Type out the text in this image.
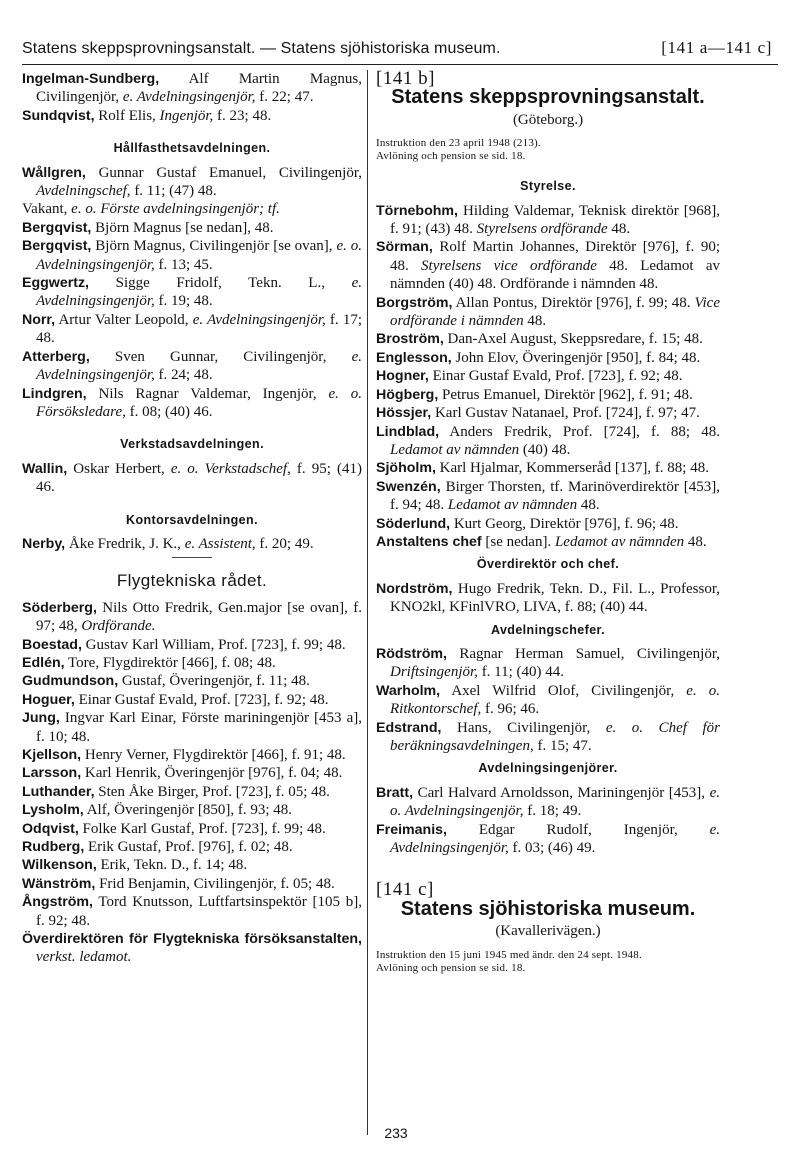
Statens skeppsprovningsanstalt. — Statens sjöhistoriska museum.	[141 a—141 c]

Ingelman-Sundberg, Alf Martin Magnus, Civilingenjör, e. Avdelningsingenjör, f. 22; 47.

Sundqvist, Rolf Elis, Ingenjör, f. 23; 48.

Hållfasthetsavdelningen.

Wållgren, Gunnar Gustaf Emanuel, Civilingenjör, Avdelningschef, f. 11; (47) 48.

Vakant, e. o. Förste avdelningsingenjör; tf.

Bergqvist, Björn Magnus [se nedan], 48.

Bergqvist, Björn Magnus, Civilingenjör [se ovan], e. o. Avdelningsingenjör, f. 13; 45.

Eggwertz, Sigge Fridolf, Tekn. L., e. Avdelningsingenjör, f. 19; 48.

Norr, Artur Valter Leopold, e. Avdelningsingenjör, f. 17; 48.

Atterberg, Sven Gunnar, Civilingenjör, e. Avdelningsingenjör, f. 24; 48.

Lindgren, Nils Ragnar Valdemar, Ingenjör, e. o. Försöksledare, f. 08; (40) 46.

Verkstadsavdelningen.

Wallin, Oskar Herbert, e. o. Verkstadschef, f. 95; (41) 46.

Kontorsavdelningen.

Nerby, Åke Fredrik, J. K., e. Assistent, f. 20; 49.

Flygtekniska rådet.

Söderberg, Nils Otto Fredrik, Gen.major [se ovan], f. 97; 48, Ordförande.

Boestad, Gustav Karl William, Prof. [723], f. 99; 48.

Edlén, Tore, Flygdirektör [466], f. 08; 48.

Gudmundson, Gustaf, Överingenjör, f. 11; 48.

Hoguer, Einar Gustaf Evald, Prof. [723], f. 92; 48.

Jung, Ingvar Karl Einar, Förste mariningenjör [453 a], f. 10; 48.

Kjellson, Henry Verner, Flygdirektör [466], f. 91; 48.

Larsson, Karl Henrik, Överingenjör [976], f. 04; 48.

Luthander, Sten Åke Birger, Prof. [723], f. 05; 48.

Lysholm, Alf, Överingenjör [850], f. 93; 48.

Odqvist, Folke Karl Gustaf, Prof. [723], f. 99; 48.

Rudberg, Erik Gustaf, Prof. [976], f. 02; 48.

Wilkenson, Erik, Tekn. D., f. 14; 48.

Wänström, Frid Benjamin, Civilingenjör, f. 05; 48.

Ångström, Tord Knutsson, Luftfartsinspektör [105 b], f. 92; 48.

Överdirektören för Flygtekniska försöksanstalten, verkst. ledamot.

[141 b]
Statens skeppsprovningsanstalt.
(Göteborg.)

Instruktion den 23 april 1948 (213).

Avlöning och pension se sid. 18.

Styrelse.

Törnebohm, Hilding Valdemar, Teknisk direktör [968], f. 91; (43) 48. Styrelsens ordförande 48.

Sörman, Rolf Martin Johannes, Direktör [976], f. 90; 48. Styrelsens vice ordförande 48. Ledamot av nämnden (40) 48. Ordförande i nämnden 48.

Borgström, Allan Pontus, Direktör [976], f. 99; 48. Vice ordförande i nämnden 48.

Broström, Dan-Axel August, Skeppsredare, f. 15; 48.

Englesson, John Elov, Överingenjör [950], f. 84; 48.

Hogner, Einar Gustaf Evald, Prof. [723], f. 92; 48.

Högberg, Petrus Emanuel, Direktör [962], f. 91; 48.

Hössjer, Karl Gustav Natanael, Prof. [724], f. 97; 47.

Lindblad, Anders Fredrik, Prof. [724], f. 88; 48. Ledamot av nämnden (40) 48.

Sjöholm, Karl Hjalmar, Kommerseråd [137], f. 88; 48.

Swenzén, Birger Thorsten, tf. Marinöverdirektör [453], f. 94; 48. Ledamot av nämnden 48.

Söderlund, Kurt Georg, Direktör [976], f. 96; 48.

Anstaltens chef [se nedan]. Ledamot av nämnden 48.

Överdirektör och chef.

Nordström, Hugo Fredrik, Tekn. D., Fil. L., Professor, KNO2kl, KFinlVRO, LIVA, f. 88; (40) 44.

Avdelningschefer.

Rödström, Ragnar Herman Samuel, Civilingenjör, Driftsingenjör, f. 11; (40) 44.

Warholm, Axel Wilfrid Olof, Civilingenjör, e. o. Ritkontorschef, f. 96; 46.

Edstrand, Hans, Civilingenjör, e. o. Chef för beräkningsavdelningen, f. 15; 47.

Avdelningsingenjörer.

Bratt, Carl Halvard Arnoldsson, Mariningenjör [453], e. o. Avdelningsingenjör, f. 18; 49.

Freimanis, Edgar Rudolf, Ingenjör, e. Avdelningsingenjör, f. 03; (46) 49.

[141 c]
Statens sjöhistoriska museum.
(Kavallerivägen.)

Instruktion den 15 juni 1945 med ändr. den 24 sept. 1948.

Avlöning och pension se sid. 18.

233
